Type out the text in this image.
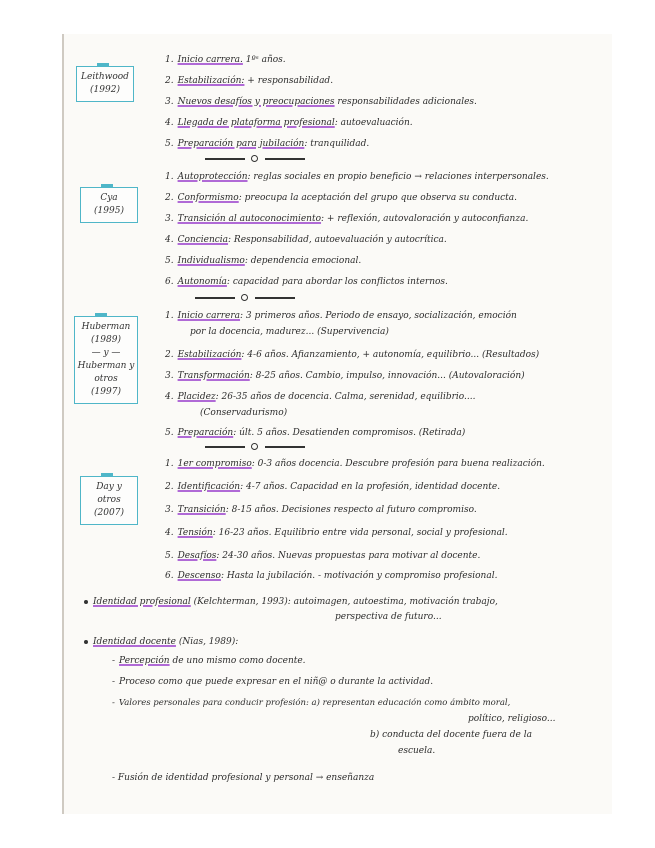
Leithwood
(1992)
Cya
(1995)
Huberman
(1989)
— y —
Huberman y
otros
(1997)
Day y
otros
(2007)
1. Inicio carrera. 1ºˢ años.
2. Estabilización: + responsabilidad.
3. Nuevos desafíos y preocupaciones responsabilidades adicionales.
4. Llegada de plataforma profesional: autoevaluación.
5. Preparación para jubilación: tranquilidad.
1. Autoprotección: reglas sociales en propio beneficio → relaciones interpersonales.
2. Conformismo: preocupa la aceptación del grupo que observa su conducta.
3. Transición al autoconocimiento: + reflexión, autovaloración y autoconfianza.
4. Conciencia: Responsabilidad, autoevaluación y autocrítica.
5. Individualismo: dependencia emocional.
6. Autonomía: capacidad para abordar los conflictos internos.
1. Inicio carrera: 3 primeros años. Periodo de ensayo, socialización, emoción
por la docencia, madurez... (Supervivencia)
2. Estabilización: 4-6 años. Afianzamiento, + autonomía, equilibrio... (Resultados)
3. Transformación: 8-25 años. Cambio, impulso, innovación... (Autovaloración)
4. Placidez: 26-35 años de docencia. Calma, serenidad, equilibrio....
(Conservadurismo)
5. Preparación: últ. 5 años. Desatienden compromisos. (Retirada)
1. 1er compromiso: 0-3 años docencia. Descubre profesión para buena realización.
2. Identificación: 4-7 años. Capacidad en la profesión, identidad docente.
3. Transición: 8-15 años. Decisiones respecto al futuro compromiso.
4. Tensión: 16-23 años. Equilibrio entre vida personal, social y profesional.
5. Desafíos: 24-30 años. Nuevas propuestas para motivar al docente.
6. Descenso: Hasta la jubilación. - motivación y compromiso profesional.
Identidad profesional (Kelchterman, 1993): autoimagen, autoestima, motivación trabajo,
perspectiva de futuro...
Identidad docente (Nias, 1989):
- Percepción de uno mismo como docente.
- Proceso como que puede expresar en el niñ@ o durante la actividad.
- Valores personales para conducir profesión: a) representan educación como ámbito moral,
político, religioso...
b) conducta del docente fuera de la
escuela.
- Fusión de identidad profesional y personal → enseñanza
